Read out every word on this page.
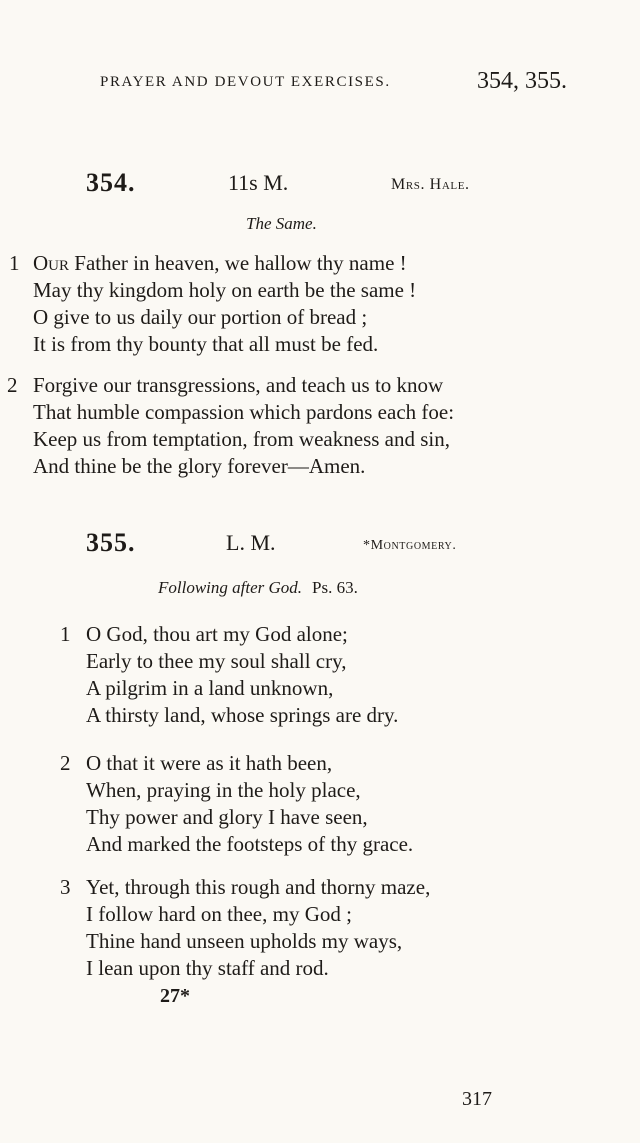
PRAYER AND DEVOUT EXERCISES.	354, 355.
354.	11s M.	Mrs. Hale.
The Same.
1 Our Father in heaven, we hallow thy name !
May thy kingdom holy on earth be the same !
O give to us daily our portion of bread ;
It is from thy bounty that all must be fed.
2 Forgive our transgressions, and teach us to know
That humble compassion which pardons each foe:
Keep us from temptation, from weakness and sin,
And thine be the glory forever—Amen.
355.	L. M.	*Montgomery.
Following after God. Ps. 63.
1 O God, thou art my God alone;
Early to thee my soul shall cry,
A pilgrim in a land unknown,
A thirsty land, whose springs are dry.
2 O that it were as it hath been,
When, praying in the holy place,
Thy power and glory I have seen,
And marked the footsteps of thy grace.
3 Yet, through this rough and thorny maze,
I follow hard on thee, my God ;
Thine hand unseen upholds my ways,
I lean upon thy staff and rod.
27*
317
